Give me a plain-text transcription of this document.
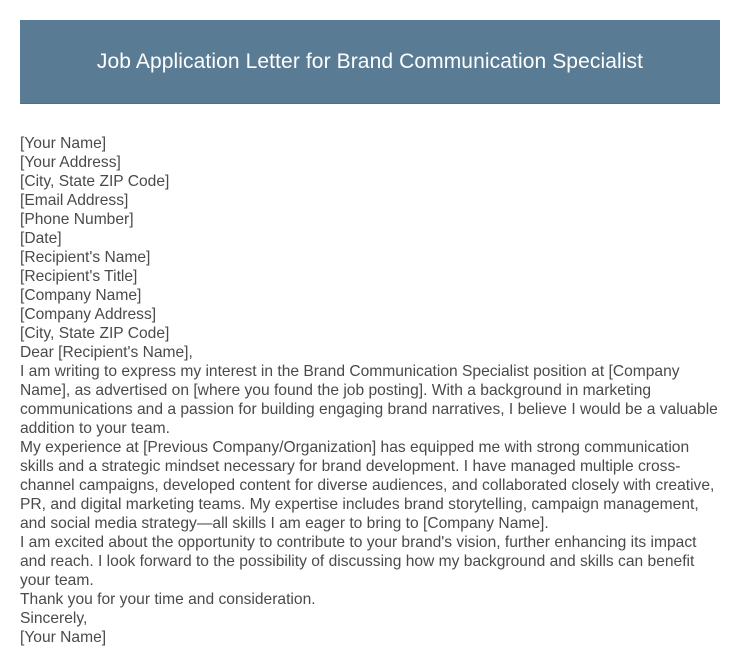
Job Application Letter for Brand Communication Specialist

[Your Name]

[Your Address]

[City, State ZIP Code]

[Email Address]

[Phone Number]

[Date]

[Recipient's Name]

[Recipient's Title]

[Company Name]

[Company Address]

[City, State ZIP Code]

Dear [Recipient's Name],

I am writing to express my interest in the Brand Communication Specialist position at [Company Name], as advertised on [where you found the job posting]. With a background in marketing communications and a passion for building engaging brand narratives, I believe I would be a valuable addition to your team.

My experience at [Previous Company/Organization] has equipped me with strong communication skills and a strategic mindset necessary for brand development. I have managed multiple cross-channel campaigns, developed content for diverse audiences, and collaborated closely with creative, PR, and digital marketing teams. My expertise includes brand storytelling, campaign management, and social media strategy—all skills I am eager to bring to [Company Name].

I am excited about the opportunity to contribute to your brand's vision, further enhancing its impact and reach. I look forward to the possibility of discussing how my background and skills can benefit your team.

Thank you for your time and consideration.

Sincerely,

[Your Name]
